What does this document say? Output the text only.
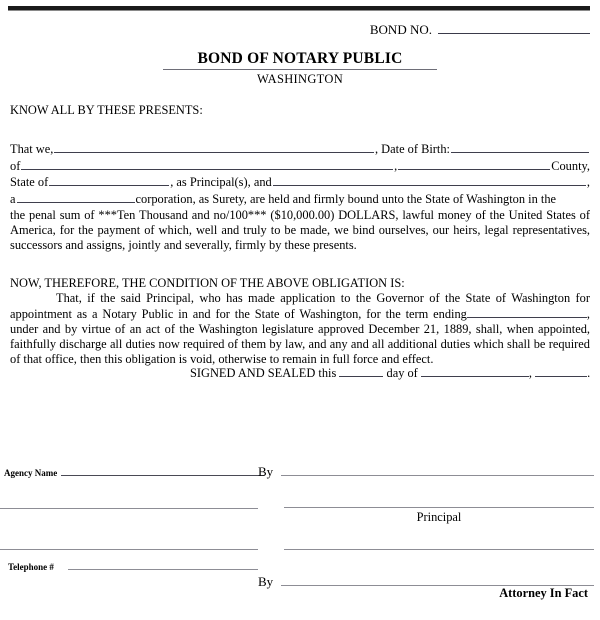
BOND NO.
BOND OF NOTARY PUBLIC
WASHINGTON

KNOW ALL BY THESE PRESENTS:

That we,	, Date of Birth:
of	,	County,
State of	, as Principal(s), and	,
a	corporation, as Surety, are held and firmly bound unto the State of Washington in the

the penal sum of ***Ten Thousand and no/100*** ($10,000.00) DOLLARS, lawful money of the United States of America, for the payment of which, well and truly to be made, we bind ourselves, our heirs, legal representatives, successors and assigns, jointly and severally, firmly by these presents.

NOW, THEREFORE, THE CONDITION OF THE ABOVE OBLIGATION IS:

That, if the said Principal, who has made application to the Governor of the State of Washington for appointment as a Notary Public in and for the State of Washington, for the term ending	, under and by virtue of an act of the Washington legislature approved December 21, 1889, shall, when appointed, faithfully discharge all duties now required of them by law, and any and all additional duties which shall be required of that office, then this obligation is void, otherwise to remain in full force and effect.

SIGNED AND SEALED this	day of	,	.
Agency Name
Telephone #
By
Principal
By
Attorney In Fact
